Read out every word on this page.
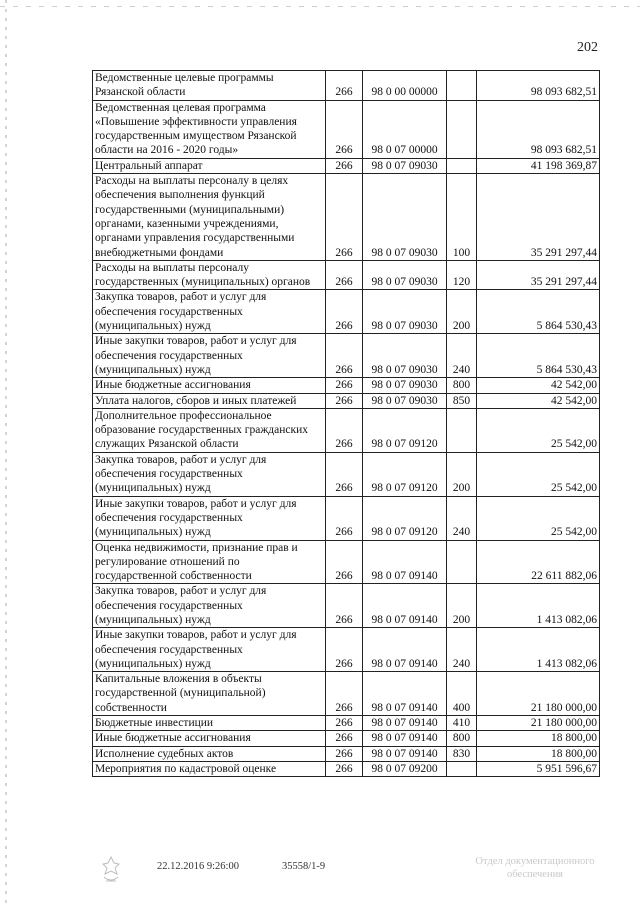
202
Ведомственные целевые программы Рязанской области	266	98 0 00 00000		98 093 682,51
Ведомственная целевая программа «Повышение эффективности управления государственным имуществом Рязанской области на 2016 - 2020 годы»	266	98 0 07 00000		98 093 682,51
Центральный аппарат	266	98 0 07 09030		41 198 369,87
Расходы на выплаты персоналу в целях обеспечения выполнения функций государственными (муниципальными) органами, казенными учреждениями, органами управления государственными внебюджетными фондами	266	98 0 07 09030	100	35 291 297,44
Расходы на выплаты персоналу государственных (муниципальных) органов	266	98 0 07 09030	120	35 291 297,44
Закупка товаров, работ и услуг для обеспечения государственных (муниципальных) нужд	266	98 0 07 09030	200	5 864 530,43
Иные закупки товаров, работ и услуг для обеспечения государственных (муниципальных) нужд	266	98 0 07 09030	240	5 864 530,43
Иные бюджетные ассигнования	266	98 0 07 09030	800	42 542,00
Уплата налогов, сборов и иных платежей	266	98 0 07 09030	850	42 542,00
Дополнительное профессиональное образование государственных гражданских служащих Рязанской области	266	98 0 07 09120		25 542,00
Закупка товаров, работ и услуг для обеспечения государственных (муниципальных) нужд	266	98 0 07 09120	200	25 542,00
Иные закупки товаров, работ и услуг для обеспечения государственных (муниципальных) нужд	266	98 0 07 09120	240	25 542,00
Оценка недвижимости, признание прав и регулирование отношений по государственной собственности	266	98 0 07 09140		22 611 882,06
Закупка товаров, работ и услуг для обеспечения государственных (муниципальных) нужд	266	98 0 07 09140	200	1 413 082,06
Иные закупки товаров, работ и услуг для обеспечения государственных (муниципальных) нужд	266	98 0 07 09140	240	1 413 082,06
Капитальные вложения в объекты государственной (муниципальной) собственности	266	98 0 07 09140	400	21 180 000,00
Бюджетные инвестиции	266	98 0 07 09140	410	21 180 000,00
Иные бюджетные ассигнования	266	98 0 07 09140	800	18 800,00
Исполнение судебных актов	266	98 0 07 09140	830	18 800,00
Мероприятия по кадастровой оценке	266	98 0 07 09200		5 951 596,67
22.12.2016 9:26:00	35558/1-9	Отдел документационного
обеспечения
